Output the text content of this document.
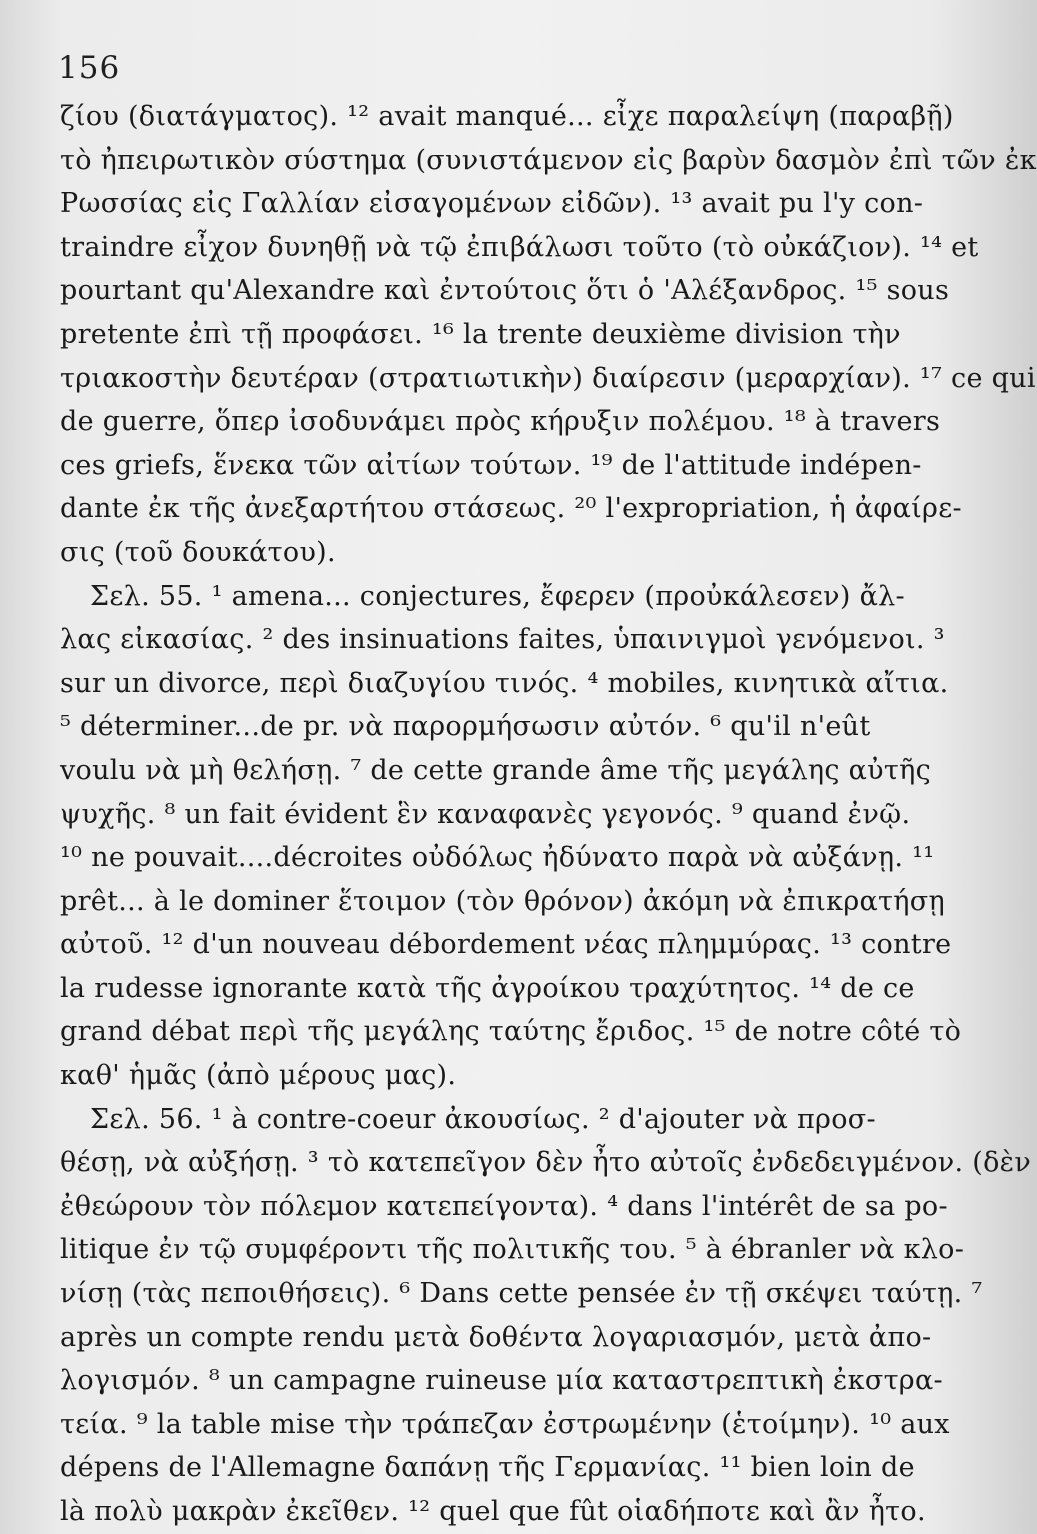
156
ζίου (διατάγματος). ¹² avait manqué... εἶχε παραλείψη (παραβῇ)
τὸ ἠπειρωτικὸν σύστημα (συνιστάμενον εἰς βαρὺν δασμὸν ἐπὶ τῶν ἐκ
Ρωσσίας εἰς Γαλλίαν εἰσαγομένων εἰδῶν). ¹³ avait pu l'y con-
traindre εἶχον δυνηθῇ νὰ τῷ ἐπιβάλωσι τοῦτο (τὸ οὐκάζιον). ¹⁴ et
pourtant qu'Alexandre καὶ ἐντούτοις ὅτι ὁ 'Αλέξανδρος. ¹⁵ sous
pretente ἐπὶ τῇ προφάσει. ¹⁶ la trente deuxième division τὴν
τριακοστὴν δευτέραν (στρατιωτικὴν) διαίρεσιν (μεραρχίαν). ¹⁷ ce qui
de guerre, ὅπερ ἰσοδυνάμει πρὸς κήρυξιν πολέμου. ¹⁸ à travers
ces griefs, ἕνεκα τῶν αἰτίων τούτων. ¹⁹ de l'attitude indépen-
dante ἐκ τῆς ἀνεξαρτήτου στάσεως. ²⁰ l'expropriation, ἡ ἀφαίρε-
σις (τοῦ δουκάτου).
Σελ. 55. ¹ amena... conjectures, ἔφερεν (προὐκάλεσεν) ἄλ-
λας εἰκασίας. ² des insinuations faites, ὑπαινιγμοὶ γενόμενοι. ³
sur un divorce, περὶ διαζυγίου τινός. ⁴ mobiles, κινητικὰ αἴτια.
⁵ déterminer...de pr. νὰ παρορμήσωσιν αὐτόν. ⁶ qu'il n'eût
voulu νὰ μὴ θελήσῃ. ⁷ de cette grande âme τῆς μεγάλης αὐτῆς
ψυχῆς. ⁸ un fait évident ἓν καναφανὲς γεγονός. ⁹ quand ἐνῷ.
¹⁰ ne pouvait....décroites οὐδόλως ἠδύνατο παρὰ νὰ αὐξάνῃ. ¹¹
prêt... à le dominer ἕτοιμον (τὸν θρόνον) ἀκόμη νὰ ἐπικρατήσῃ
αὐτοῦ. ¹² d'un nouveau débordement νέας πλημμύρας. ¹³ contre
la rudesse ignorante κατὰ τῆς ἀγροίκου τραχύτητος. ¹⁴ de ce
grand débat περὶ τῆς μεγάλης ταύτης ἔριδος. ¹⁵ de notre côté τὸ
καθ' ἡμᾶς (ἀπὸ μέρους μας).
Σελ. 56. ¹ à contre-coeur ἀκουσίως. ² d'ajouter νὰ προσ-
θέσῃ, νὰ αὐξήσῃ. ³ τὸ κατεπεῖγον δὲν ἦτο αὐτοῖς ἐνδεδειγμένον. (δὲν
ἐθεώρουν τὸν πόλεμον κατεπείγοντα). ⁴ dans l'intérêt de sa po-
litique ἐν τῷ συμφέροντι τῆς πολιτικῆς του. ⁵ à ébranler νὰ κλο-
νίσῃ (τὰς πεποιθήσεις). ⁶ Dans cette pensée ἐν τῇ σκέψει ταύτῃ. ⁷
après un compte rendu μετὰ δοθέντα λογαριασμόν, μετὰ ἀπο-
λογισμόν. ⁸ un campagne ruineuse μία καταστρεπτικὴ ἐκστρα-
τεία. ⁹ la table mise τὴν τράπεζαν ἐστρωμένην (ἑτοίμην). ¹⁰ aux
dépens de l'Allemagne δαπάνῃ τῆς Γερμανίας. ¹¹ bien loin de
là πολὺ μακρὰν ἐκεῖθεν. ¹² quel que fût οἱαδήποτε καὶ ἂν ἦτο.
